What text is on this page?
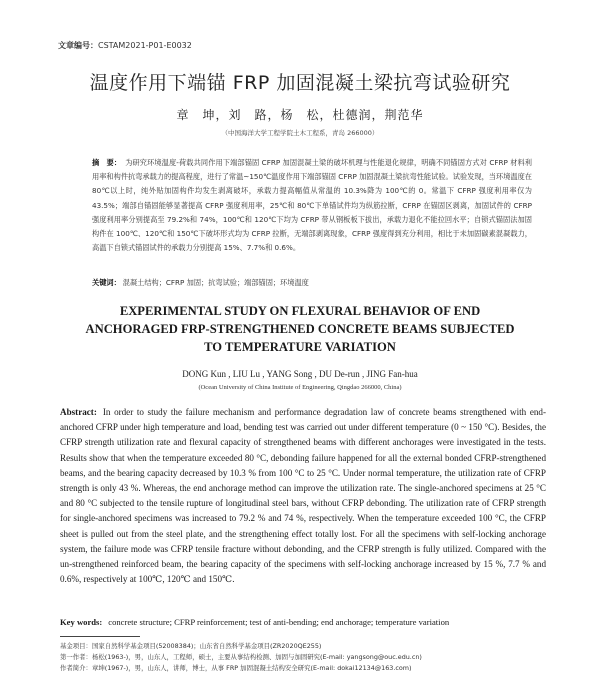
文章编号：CSTAM2021-P01-E0032
温度作用下端锚 FRP 加固混凝土梁抗弯试验研究
章　坤，刘　路，杨　松，杜德润，荆范华
（中国海洋大学工程学院土木工程系，青岛 266000）
摘　要： 为研究环境温度-荷载共同作用下端部锚固 CFRP 加固混凝土梁的破坏机理与性能退化规律，明确不同锚固方式对 CFRP 材料利用率和构件抗弯承载力的提高程度，进行了常温~150℃温度作用下端部锚固 CFRP 加固混凝土梁抗弯性能试验。试验发现，当环境温度在 80℃以上时，纯外贴加固构件均发生剥离破坏，承载力提高幅值从常温的 10.3%降为 100℃的 0。常温下 CFRP 强度利用率仅为 43.5%；端部自锚固能够显著提高 CFRP 强度利用率，25℃和 80℃下单锚试件均为纵筋拉断，CFRP 在锚固区剥离，加固试件的 CFRP 强度利用率分别提高至 79.2%和 74%，100℃和 120℃下均为 CFRP 带从钢板板下拔出，承载力退化不能拉回水平；自锁式锚固法加固构件在 100℃、120℃和 150℃下破坏形式均为 CFRP 拉断，无端部剥离现象，CFRP 强度得到充分利用，相比于未加固碳素混凝载力，高温下自锁式锚固试件的承载力分别提高 15%、7.7%和 0.6%。
关键词： 混凝土结构；CFRP 加固；抗弯试验；端部锚固；环境温度
EXPERIMENTAL STUDY ON FLEXURAL BEHAVIOR OF END
ANCHORAGED FRP-STRENGTHENED CONCRETE BEAMS SUBJECTED
TO TEMPERATURE VARIATION
DONG Kun , LIU Lu , YANG Song , DU De-run , JING Fan-hua
(Ocean University of China Institute of Engineering, Qingdao 266000, China)
Abstract: In order to study the failure mechanism and performance degradation law of concrete beams strengthened with end-anchored CFRP under high temperature and load, bending test was carried out under different temperature (0 ~ 150 °C). Besides, the CFRP strength utilization rate and flexural capacity of strengthened beams with different anchorages were investigated in the tests. Results show that when the temperature exceeded 80 °C, debonding failure happened for all the external bonded CFRP-strengthened beams, and the bearing capacity decreased by 10.3 % from 100 °C to 25 °C. Under normal temperature, the utilization rate of CFRP strength is only 43 %. Whereas, the end anchorage method can improve the utilization rate. The single-anchored specimens at 25 °C and 80 °C subjected to the tensile rupture of longitudinal steel bars, without CFRP debonding. The utilization rate of CFRP strength for single-anchored specimens was increased to 79.2 % and 74 %, respectively. When the temperature exceeded 100 °C, the CFRP sheet is pulled out from the steel plate, and the strengthening effect totally lost. For all the specimens with self-locking anchorage system, the failure mode was CFRP tensile fracture without debonding, and the CFRP strength is fully utilized. Compared with the un-strengthened reinforced beam, the bearing capacity of the specimens with self-locking anchorage increased by 15 %, 7.7 % and 0.6%, respectively at 100℃, 120℃ and 150℃.
Key words: concrete structure; CFRP reinforcement; test of anti-bending; end anchorage; temperature variation
基金项目：国家自然科学基金项目(52008384)；山东省自然科学基金项目(ZR2020QE255)
第一作者：杨松(1963-)，男，山东人，工程师，硕士，主要从事结构检测、加固与加固研究(E-mail: yangsong@ouc.edu.cn)
作者简介：章坤(1967-)，男，山东人，讲师，博士，从事 FRP 加固混凝土结构安全研究(E-mail: dokai12134@163.com)
